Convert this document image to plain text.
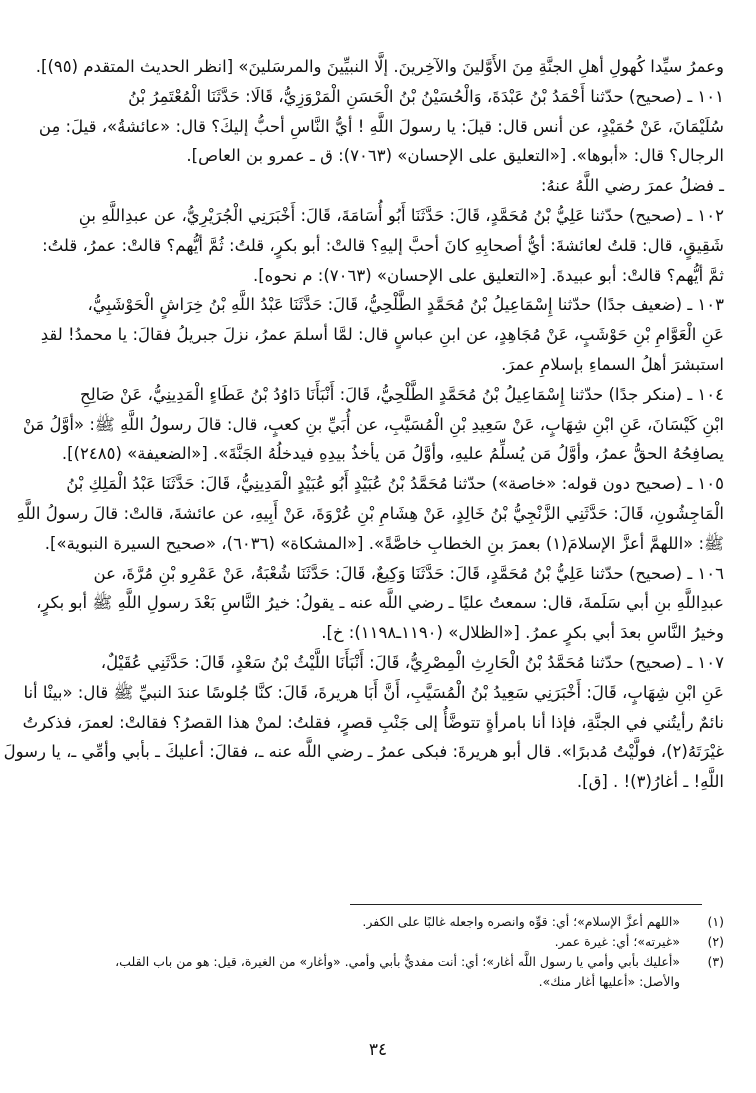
وعمرُ سيِّدا كُهولِ أهلِ الجنَّةِ مِنَ الأَوَّلينَ والآخِرينَ. إلَّا النبيِّينَ والمرسَلينَ» [انظر الحديث المتقدم (٩٥)].
١٠١ ـ (صحيح) حدّثنا أَحْمَدُ بْنُ عَبْدَةَ، وَالْحُسَيْنُ بْنُ الْحَسَنِ الْمَرْوَزِيُّ، قَالَا: حَدَّثَنَا الْمُعْتَمِرُ بْنُ
سُلَيْمَانَ، عَنْ حُمَيْدٍ، عن أنس قال: قيلَ: يا رسولَ اللَّهِ ! أيُّ النَّاسِ أحبُّ إليكَ؟ قال: «عائشةُ»، قيلَ: مِن
الرجال؟ قال: «أبوها». [«التعليق على الإحسان» (٧٠٦٣): ق ـ عمرو بن العاص].
ـ فضلُ عمرَ رضي اللَّهُ عنهُ:
١٠٢ ـ (صحيح) حدّثنا عَلِيُّ بْنُ مُحَمَّدٍ، قَالَ: حَدَّثَنَا أَبُو أُسَامَةَ، قَالَ: أَخْبَرَنِي الْجُرَيْرِيُّ، عن عبدِاللَّهِ بنِ
شَقِيقٍ، قال: قلتُ لعائشةَ: أيُّ أصحابِهِ كانَ أحبَّ إليهِ؟ قالتْ: أبو بكرٍ، قلتُ: ثُمَّ أيُّهم؟ قالتْ: عمرُ، قلتُ:
ثمَّ أيُّهم؟ قالتْ: أبو عبيدةَ. [«التعليق على الإحسان» (٧٠٦٣): م نحوه].
١٠٣ ـ (ضعيف جدًا) حدّثنا إِسْمَاعِيلُ بْنُ مُحَمَّدٍ الطَّلْحِيُّ، قَالَ: حَدَّثَنَا عَبْدُ اللَّهِ بْنُ خِرَاشٍ الْحَوْشَبِيُّ،
عَنِ الْعَوَّامِ بْنِ حَوْشَبٍ، عَنْ مُجَاهِدٍ، عن ابنِ عباسٍ قال: لمَّا أسلمَ عمرُ، نزلَ جبريلُ فقالَ: يا محمدُ! لقدِ
استبشرَ أهلُ السماءِ بإسلامِ عمرَ.
١٠٤ ـ (منكر جدًا) حدّثنا إِسْمَاعِيلُ بْنُ مُحَمَّدٍ الطَّلْحِيُّ، قَالَ: أَنْبَأَنَا دَاوُدُ بْنُ عَطَاءٍ الْمَدِينِيُّ، عَنْ صَالِحِ
ابْنِ كَيْسَانَ، عَنِ ابْنِ شِهَابٍ، عَنْ سَعِيدِ بْنِ الْمُسَيَّبِ، عن أُبَيِّ بنِ كعبٍ، قال: قالَ رسولُ اللَّهِ ﷺ: «أوَّلُ مَنْ
يصافِحُهُ الحقُّ عمرُ، وأوَّلُ مَن يُسلِّمُ عليهِ، وأوَّلُ مَن يأخذُ بيدِهِ فيدخلُهُ الجَنَّةَ». [«الضعيفة» (٢٤٨٥)].
١٠٥ ـ (صحيح دون قوله: «خاصة») حدّثنا مُحَمَّدُ بْنُ عُبَيْدٍ أَبُو عُبَيْدٍ الْمَدِينِيُّ، قَالَ: حَدَّثَنَا عَبْدُ الْمَلِكِ بْنُ
الْمَاجِشُونِ، قَالَ: حَدَّثَنِي الزَّنْجِيُّ بْنُ خَالِدٍ، عَنْ هِشَامِ بْنِ عُرْوَةَ، عَنْ أَبِيهِ، عن عائشةَ، قالتْ: قالَ رسولُ اللَّهِ
ﷺ: «اللهمَّ أعزَّ الإسلامَ(١) بعمرَ بنِ الخطابِ خاصَّةً». [«المشكاة» (٦٠٣٦)، «صحيح السيرة النبوية»].
١٠٦ ـ (صحيح) حدّثنا عَلِيُّ بْنُ مُحَمَّدٍ، قَالَ: حَدَّثَنَا وَكِيعٌ، قَالَ: حَدَّثَنَا شُعْبَةُ، عَنْ عَمْرِو بْنِ مُرَّةَ، عن
عبدِاللَّهِ بنِ أبي سَلَمةَ، قال: سمعتُ عليًا ـ رضي اللَّه عنه ـ يقولُ: خيرُ النَّاسِ بَعْدَ رسولِ اللَّهِ ﷺ أبو بكرٍ،
وخيرُ النَّاسِ بعدَ أبي بكرٍ عمرُ. [«الظلال» (١١٩٠ـ١١٩٨): خ].
١٠٧ ـ (صحيح) حدّثنا مُحَمَّدُ بْنُ الْحَارِثِ الْمِصْرِيُّ، قَالَ: أَنْبَأَنَا اللَّيْثُ بْنُ سَعْدٍ، قَالَ: حَدَّثَنِي عُقَيْلٌ،
عَنِ ابْنِ شِهَابٍ، قَالَ: أَخْبَرَنِي سَعِيدُ بْنُ الْمُسَيَّبِ، أَنَّ أَبَا هريرةَ، قَالَ: كنَّا جُلوسًا عندَ النبيِّ ﷺ قال: «بينْا أنا
نائمٌ رأيتُني في الجنَّةِ، فإذا أنا بامرأةٍ تتوضَّأُ إلى جَنْبِ قصرٍ، فقلتُ: لمنْ هذا القصرُ؟ فقالتْ: لعمرَ، فذكرتُ
غيْرَتَهُ(٢)، فولَّيْتُ مُدبرًا». قال أبو هريرةَ: فبكى عمرُ ـ رضي اللَّه عنه ـ، فقالَ: أعليكَ ـ بأبي وأمِّي ـ، يا رسولَ
اللَّهِ! ـ أغارُ(٣)! . [ق].
(١)
«اللهم أعزَّ الإسلام»؛ أي: قوِّه وانصره واجعله غالبًا على الكفر.
(٢)
«غيرته»؛ أي: غيرة عمر.
(٣)
«أعليك بأبي وأمي يا رسول اللَّه أغار»؛ أي: أنت مفديٌّ بأبي وأمي. «وأغار» من الغيرة، قيل: هو من باب القلب،
والأصل: «أعليها أغار منك».
٣٤
